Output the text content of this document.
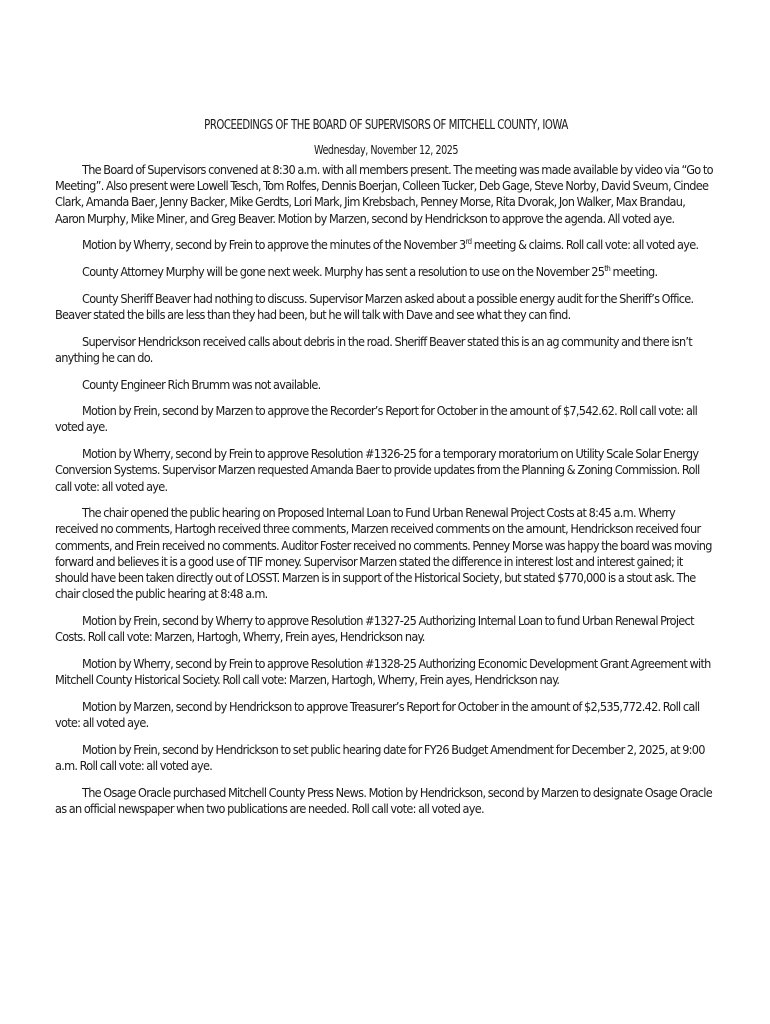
PROCEEDINGS OF THE BOARD OF SUPERVISORS OF MITCHELL COUNTY, IOWA
Wednesday, November 12, 2025

The Board of Supervisors convened at 8:30 a.m. with all members present. The meeting was made available by video via “Go to Meeting”. Also present were Lowell Tesch, Tom Rolfes, Dennis Boerjan, Colleen Tucker, Deb Gage, Steve Norby, David Sveum, Cindee Clark, Amanda Baer, Jenny Backer, Mike Gerdts, Lori Mark, Jim Krebsbach, Penney Morse, Rita Dvorak, Jon Walker, Max Brandau, Aaron Murphy, Mike Miner, and Greg Beaver. Motion by Marzen, second by Hendrickson to approve the agenda. All voted aye.

Motion by Wherry, second by Frein to approve the minutes of the November 3rd meeting & claims. Roll call vote: all voted aye.

County Attorney Murphy will be gone next week. Murphy has sent a resolution to use on the November 25th meeting.

County Sheriff Beaver had nothing to discuss. Supervisor Marzen asked about a possible energy audit for the Sheriff’s Office. Beaver stated the bills are less than they had been, but he will talk with Dave and see what they can find.

Supervisor Hendrickson received calls about debris in the road. Sheriff Beaver stated this is an ag community and there isn’t anything he can do.

County Engineer Rich Brumm was not available.

Motion by Frein, second by Marzen to approve the Recorder’s Report for October in the amount of $7,542.62. Roll call vote: all voted aye.

Motion by Wherry, second by Frein to approve Resolution #1326-25 for a temporary moratorium on Utility Scale Solar Energy Conversion Systems. Supervisor Marzen requested Amanda Baer to provide updates from the Planning & Zoning Commission. Roll call vote: all voted aye.

The chair opened the public hearing on Proposed Internal Loan to Fund Urban Renewal Project Costs at 8:45 a.m. Wherry received no comments, Hartogh received three comments, Marzen received comments on the amount, Hendrickson received four comments, and Frein received no comments. Auditor Foster received no comments. Penney Morse was happy the board was moving forward and believes it is a good use of TIF money. Supervisor Marzen stated the difference in interest lost and interest gained; it should have been taken directly out of LOSST. Marzen is in support of the Historical Society, but stated $770,000 is a stout ask. The chair closed the public hearing at 8:48 a.m.

Motion by Frein, second by Wherry to approve Resolution #1327-25 Authorizing Internal Loan to fund Urban Renewal Project Costs. Roll call vote: Marzen, Hartogh, Wherry, Frein ayes, Hendrickson nay.

Motion by Wherry, second by Frein to approve Resolution #1328-25 Authorizing Economic Development Grant Agreement with Mitchell County Historical Society. Roll call vote: Marzen, Hartogh, Wherry, Frein ayes, Hendrickson nay.

Motion by Marzen, second by Hendrickson to approve Treasurer’s Report for October in the amount of $2,535,772.42. Roll call vote: all voted aye.

Motion by Frein, second by Hendrickson to set public hearing date for FY26 Budget Amendment for December 2, 2025, at 9:00 a.m. Roll call vote: all voted aye.

The Osage Oracle purchased Mitchell County Press News. Motion by Hendrickson, second by Marzen to designate Osage Oracle as an official newspaper when two publications are needed. Roll call vote: all voted aye.
